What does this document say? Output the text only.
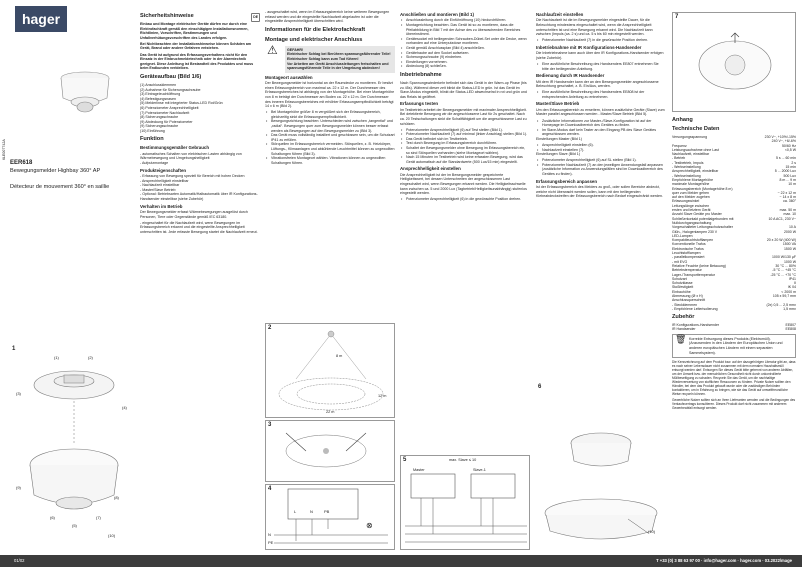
hager
6LE007742A
EER618
Bewegungsmelder Highbay 360° AP
Détecteur de mouvement 360° en saillie
1
(1)	(2)
(3)
(4)
(5)
(6)	(7)
(8)
(9)
(10)
Sicherheitshinweise	DE

Einbau und Montage elektrischer Geräte dürfen nur durch eine Elektrofachkraft gemäß den einschlägigen Installationsnormen, Richtlinien, Vorschriften, Bestimmungen und Unfallverhütungsvorschriften des Landes erfolgen.

Bei Nichtbeachten der Installationshinweise können Schäden am Gerät, Brand oder andere Gefahren entstehen.

Das Gerät ist aufgrund des Erfassungsverhaltens nicht für den Einsatz in der Einbruchmeldetechnik oder in der Alarmtechnik geeignet. Diese Anleitung ist Bestandteil des Produktes und muss beim Endkunden verbleiben.

Geräteaufbau (Bild 1/6)
(1) Anschlussklemmen
(2) Aufnahme für Sicherungsschraube
(3) Eintrageleuchtöffnung
(4) Befestigungsnasen
(5) Melderlinse mit integrierter Status-LED Rot/Grün
(6) Potenziometer Ansprechhelligkeit
(7) Potenziometer Nachlaufzeit
(8) Sicherungsschraube
(9) Abdeckung für Potenziometer
(9) Sicherungsschraube
(10) Einführung
Funktion
Bestimmungsgemäßer Gebrauch
- automatisches Schalten von elektrischen Lasten abhängig von Wärmebewegung und Umgebungshelligkeit
- Aufputzmontage
Produkteigenschaften
- Erfassung von Bewegung speziell für Bereich mit hohen Decken
- Ansprechhelligkeit einstellbar
- Nachlaufzeit einstellbar
- Master/Slave Betrieb
- Optional: Betriebsarten Automatik/Halbautomatik über IR Konfigurations-Handsender einstellbar (siehe Zubehör)
Verhalten im Betrieb

Der Bewegungsmelder erfasst Wärmebewegungen ausgelöst durch Personen, Tiere oder Gegenstände gemäß IEC 63180.

- eingeschaltet für die Nachlaufzeit wird, wenn Bewegungen im Erfassungsbereich erkannt und die eingestellte Ansprechhelligkeit unterschritten ist. Jede erfasste Bewegung startet die Nachlaufzeit erneut.

- ausgeschaltet wird, wenn im Erfassungsbereich keine weiteren Bewegungen erfasst werden und die eingestellte Nachlaufzeit abgelaufen ist oder die eingestellte Ansprechhelligkeit überschritten wird.

Informationen für die Elektrofachkraft
Montage und elektrischer Anschluss
⚠	GEFAHR!
Elektrischer Schlag bei Berühren spannungsführender Teile!
Elektrischer Schlag kann zum Tod führen!
Vor Arbeiten am Gerät Anschlussleitungen freischalten und spannungsführende Teile in der Umgebung abdecken!
Montageort auswählen

Der Bewegungsmelder ist horizontal an der Raumdecke zu montieren. Er besitzt einen Erfassungsbereich von maximal ca. 22 x 12 m. Der Durchmesser des Erfassungsbereiches ist abhängig von der Montagehöhe. Bei einer Montagehöhe von 8 m beträgt der Durchmesser am Boden ca. 22 x 12 m. Der Durchmesser des inneren Erfassungsbereiches mit erhöhter Erfassungsempfindlichkeit beträgt 14 x 6 m (Bild 2).

• Bei Montagehöhe größer 8 m vergrößert sich der Erfassungsbereich, gleichzeitig sinkt die Erfassungsempfindlichkeit.
• Bewegungsrichtung beachten: Unterschieden wird zwischen „tangential“ und „radial“. Bewegungen quer zum Bewegungsmelder können besser erfasst werden als Bewegungen auf den Bewegungsmelder zu (Bild 3).
• Das Gerät muss vollständig installiert und geschlossen sein, um die Schutzart IP41 zu erfüllen.
• Störquellen im Erfassungsbereich vermeiden. Störquellen, z. B. Heizkörper, Lüftungs-, Klimaanlagen und abkühlende Leuchtmittel können zu ungewollten Schaltungen führen (Bild 3).
• Vibrationsfreien Montageort wählen. Vibrationen können zu ungewollten Schaltungen führen.
2
8 m
22 m
12 m
3
4
L	N	PB
N
PE
⊗
Anschließen und montieren (Bild 1)
• Anschlussleitung durch die Einführöffnung (10) hindurchführen.
• Montagerichtung beachten. Das Gerät ist so zu montieren, dass die Pfeilabbildung in Bild 7 mit der Achse des zu überwachenden Bereiches übereinstimmt.
• Gerätesockel mit beiliegenden Schrauben-Dübel-Set unter die Decke, wenn vorhanden auf eine Unterputzdose montieren.
• Gerät gemäß Anschlussplan (Bild 4) anschließen.
• Gerätehaube auf den Sockel aufsetzen.
• Sicherungsschraube (9) eindrehen.
• Einstellungen vornehmen.
• Abdeckung (8) schließen.
Inbetriebnahme

Nach Spannungswiederkehr befindet sich das Gerät in der Warm-up Phase (bis zu 45s). Während dieser zeit blinkt die Status-LED in grün. Ist das Gerät im Slave-Modus eingestellt, blinkt die Status-LED abwechselnd in rot und grün und das Relais ist geöffnet.

Erfassungs testen

Im Testbetrieb arbeitet der Bewegungsmelder mit maximaler Ansprechhelligkeit. Bei detektierte Bewegung wir die angeschlossene Last für 2s geschaltet. Nach ca. 20 Testschaltungen sinkt die Schaltfähigkeit um die angeschlossene Last zu schützen.

• Potenziometer Ansprechhelligkeit (6) auf Test stellen (Bild 1).
• Potenziometer Nachlaufzeit (7) auf minimal (linker Anschlag) stellen (Bild 1).
• Das Gerät befindet sich im Testbetrieb.
• Test durch Bewegung im Erfassungsbereich durchführen.
• Schaltet der Bewegungsmelder ohne Bewegung im Erfassungsbereich ein, so sind Störquellen vorhanden (siehe Montageort wählen).
• Nach 15 Minuten im Testbetrieb wird keine erfassten Bewegung, wird das Gerät automatisch auf die Standardwerte (500 Lux/15 min) eingestellt.
Ansprechhelligkeit einstellen

Die Ansprechhelligkeit ist der im Bewegungsmelder gespeicherte Helligkeitswert, bei dessen Unterschreiten der angeschlossenen Last eingeschaltet wird, wenn Bewegungen erkannt werden. Die Helligkeitsschwelle kann zwischen ca. 5 und 2000 Lux (Tagbetrieb/Helligkeitsunabhängig) stufenlos eingestellt werden.

• Potenziometer Ansprechhelligkeit (6) in die gewünschte Position drehen.
5	max. Slave ≤ 10
Master	Slave-1
Nachlaufzeit einstellen

Die Nachlaufzeit ist die im Bewegungsmelder eingestellte Dauer, für die Beleuchtung mindestens eingeschaltet wird, wenn die Ansprechhelligkeit unterschritten ist und eine Bewegung erkannt wird. Die Nachlaufzeit kann zwischen (Impuls (ca. 2 s) und ca. 5 s bis 60 min eingestellt werden.

• Potenziometer Nachlaufzeit (7) in die gewünschte Position drehen.
Inbetriebnahme mit IR Konfigurations-Handsender

Die Inbetriebnahme kann auch über den IR Konfigurations-Handsender erfolgen (siehe Zubehör).

• Eine ausführliche Beschreibung des Handsenders EE807 entnehmen Sie bitte der beiliegenden Anleitung.
Bedienung durch IR Handsender

Mit dem IR Handsender kann der an den Bewegungsmelder angeschlossene Beleuchtung geschaltet, z. B. Ein/Aus, werden.

• Eine ausführliche Beschreibung des Handsenders EE808 ist der entsprechenden Anleitung zu entnehmen.
Master/Slave Betrieb

Um den Erfassungsbereich zu erweitern, können zusätzliche Geräte (Slave) zum Master parallel angeschlossen werden - Master/Slave Betrieb (Bild 5).

• Zusätzliche Informationen zur Master-/Slave-Konfiguration ist auf der Homepage im Downloadbereich des Gerätes zu finden.
• Im Slave-Modus darf kein Taster an den Eingang PB des Slave Gerätes angeschlossen werden.

Einstellungen Master (Bild 1)

• Ansprechhelligkeit einstellen (6).
• Nachlaufzeit einstellen (7).

Einstellungen Slave (Bild 1)

• Potenziometer Ansprechhelligkeit (6) auf SL stellen (Bild 1).
• Potenziometer Nachlaufzeit (7) an den jeweiligen Anwendungsfall anpassen (zusätzliche Information zu Anwendungsfällen sind im Downloadbereich des Gerätes zu finden).
Erfassungsbereich anpassen

Ist der Erfassungsbereich des Melders zu groß, oder sollen Bereiche abdeckt, welche nicht überwacht werden sollen, kann mit den beiliegenden Klebeabdeckstreifen der Erfassungsbereich nach Bedarf eingeschränkt werden.

6
(10)
7
Anhang
Technische Daten
Versorgungsspannung	230 V~, +10%/-15%
	240 V~, +6/-6%
Frequenz	50/60 Hz
Leistungsaufnahme ohne Last	<0,5 W
Nachlaufzeit, einstellbar	
- Betrieb	5 s ... 60 min
- Testbetrieb, Impuls	2 s
- Werkseinstellung	15 min
Ansprechhelligkeit, einstellbar	5 ... 2000 Lux
- Werkseinstellung	500 Lux
Empfohlene Montagehöhe	8 m ... 9 m
maximale Montagehöhe	10 m
Erfassungsbereich (Montagehöhe 8 m)	
quer zum Melder gehen	~ 22 x 12 m
auf den Melder zugehen	~ 14 x 8 m
Erfassungswinkel	ca. 360°
Leitungslänge zwischen	
ersten und letztem Gerät	max. 50 m
Anzahl Slave Geräte pro Master	max. 10
Schließerkontakt potentialgebunden mit Nulldurchgangsschaltung	10 A AC1, 230 V~
Vorgeschalteter Leitungsschutzschalter	10 A
Glüh-, Halogenlampen 230 V	2000 W
LED-Lampen	
Kompaktleuchtstofflampen	20 x 20 W (400 W)
Konventionelle Trafos	1500 VA
Elektronische Trafos	1500 W
Leuchtstofflampen	
- parallelkompensiert	1000 W/130 µF
- mit EVG	1000 W
Relative Feuchte (keine Betauung)	30 °C ... 80%
Betriebstemperatur	-5 °C ... +45 °C
Lager-/Transporttemperatur	-25 °C ... +70 °C
Schutzart	IP41
Schutzklasse	II
Stoßfestigkeit	IK 04
Einbauhöhe	< 2000 m
Abmessung (Ø x H)	105 x 59,7 mm
Anschlussquerschnitt	
- Steckklemmen	(2x) 0,5 ... 2,5 mm²
- Empfohlene Leiterisolierung	1,5 mm²
Zubehör
IR Konfigurations-Handsender	EE807
IR Handsender	EE808
🗑 Korrekte Entsorgung dieses Produkts (Elektromüll).
(Anzuwenden in den Ländern der Europäischen Union und anderen europäischen Ländern mit einem separaten Sammelsystem).

Die Kennzeichnung auf dem Produkt bzw. auf der dazugehörigen Literatur gibt an, dass es nach seiner Lebensdauer nicht zusammen mit dem normalen Haushaltsmüll entsorgt werden darf. Entsorgen Sie dieses Gerät bitte getrennt von anderen Abfällen, um der Umwelt bzw. der menschlichen Gesundheit nicht durch unkontrollierte Müllbeseitigung zu schaden. Recyceln Sie das Gerät, um die nachhaltige Wiederverwertung von stofflichen Ressourcen zu fördern. Private Nutzer sollten den Händler, bei dem das Produkt gekauft wurde oder die zuständigen Behörden kontaktieren, um in Erfahrung zu bringen, wie sie das Gerät auf umweltfreundliche Weise recyceln können.

Gewerbliche Nutzer sollten sich an Ihren Lieferanten wenden und die Bedingungen des Verkaufsvertrags konsultieren. Dieses Produkt darf nicht zusammen mit anderem Gewerbeabfall entsorgt werden.

01/02	T +33 (0) 3 88 63 97 00 · info@hager.com · hager.com · 03.2022/mage
